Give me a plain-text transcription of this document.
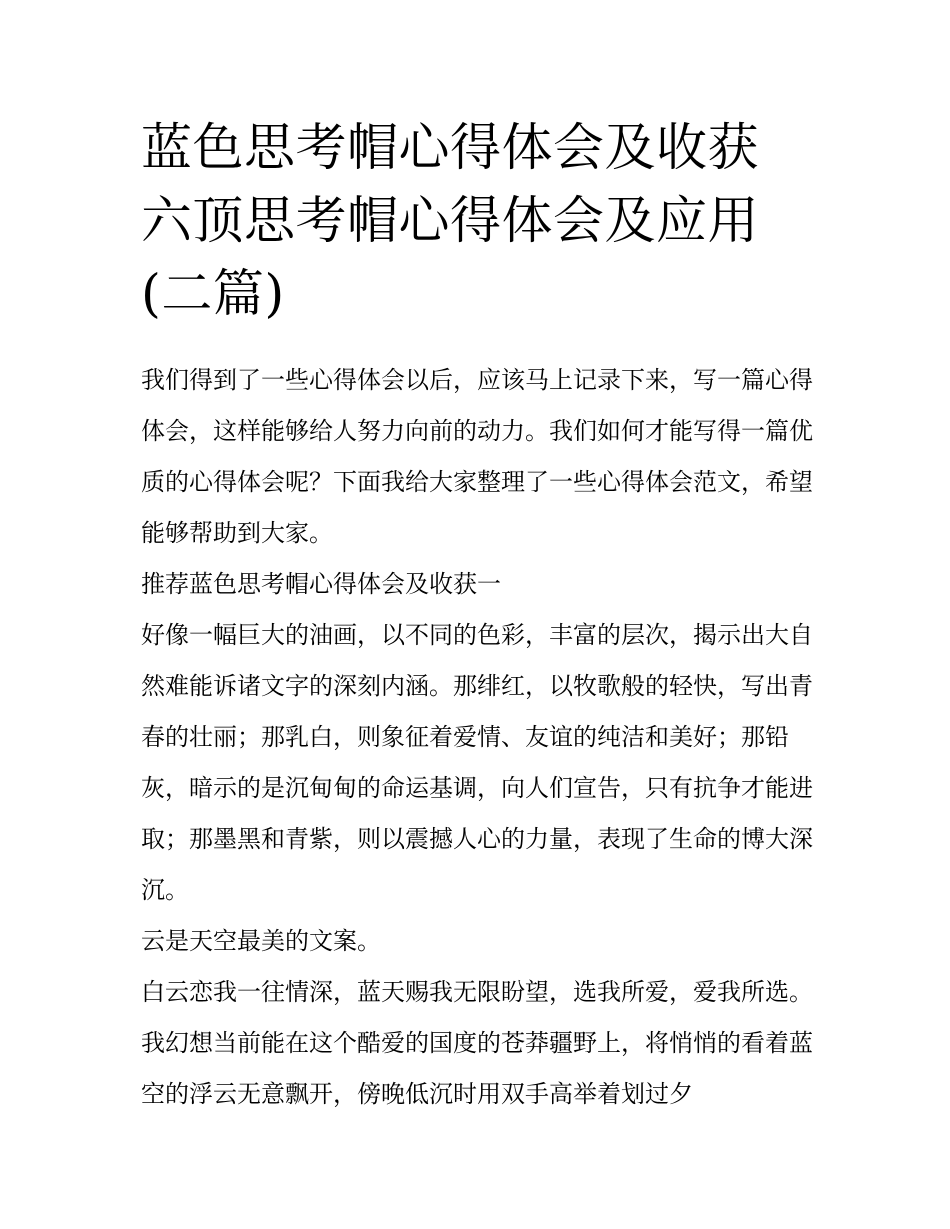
蓝色思考帽心得体会及收获 六顶思考帽心得体会及应用(二篇)

我们得到了一些心得体会以后，应该马上记录下来，写一篇心得体会，这样能够给人努力向前的动力。我们如何才能写得一篇优质的心得体会呢？下面我给大家整理了一些心得体会范文，希望能够帮助到大家。

推荐蓝色思考帽心得体会及收获一

好像一幅巨大的油画，以不同的色彩，丰富的层次，揭示出大自然难能诉诸文字的深刻内涵。那绯红，以牧歌般的轻快，写出青春的壮丽；那乳白，则象征着爱情、友谊的纯洁和美好；那铅灰，暗示的是沉甸甸的命运基调，向人们宣告，只有抗争才能进取；那墨黑和青紫，则以震撼人心的力量，表现了生命的博大深沉。

云是天空最美的文案。

白云恋我一往情深，蓝天赐我无限盼望，选我所爱，爱我所选。我幻想当前能在这个酷爱的国度的苍莽疆野上，将悄悄的看着蓝空的浮云无意飘开，傍晚低沉时用双手高举着划过夕
